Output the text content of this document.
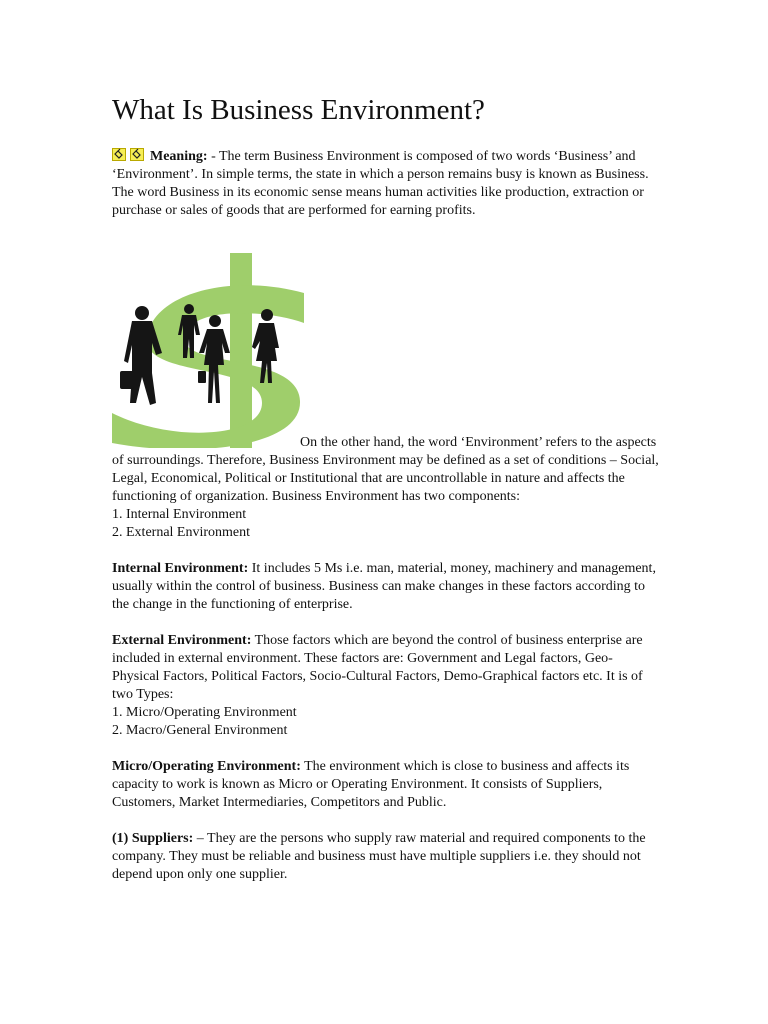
What Is Business Environment?

Meaning: - The term Business Environment is composed of two words ‘Business’ and ‘Environment’. In simple terms, the state in which a person remains busy is known as Business. The word Business in its economic sense means human activities like production, extraction or purchase or sales of goods that are performed for earning profits.

On the other hand, the word ‘Environment’ refers to the aspects of surroundings. Therefore, Business Environment may be defined as a set of conditions – Social, Legal, Economical, Political or Institutional that are uncontrollable in nature and affects the functioning of organization. Business Environment has two components:

1. Internal Environment

2. External Environment

Internal Environment: It includes 5 Ms i.e. man, material, money, machinery and management, usually within the control of business. Business can make changes in these factors according to the change in the functioning of enterprise.

External Environment: Those factors which are beyond the control of business enterprise are included in external environment. These factors are: Government and Legal factors, Geo-Physical Factors, Political Factors, Socio-Cultural Factors, Demo-Graphical factors etc. It is of two Types:

1. Micro/Operating Environment

2. Macro/General Environment

Micro/Operating Environment: The environment which is close to business and affects its capacity to work is known as Micro or Operating Environment. It consists of Suppliers, Customers, Market Intermediaries, Competitors and Public.

(1) Suppliers: – They are the persons who supply raw material and required components to the company. They must be reliable and business must have multiple suppliers i.e. they should not depend upon only one supplier.
